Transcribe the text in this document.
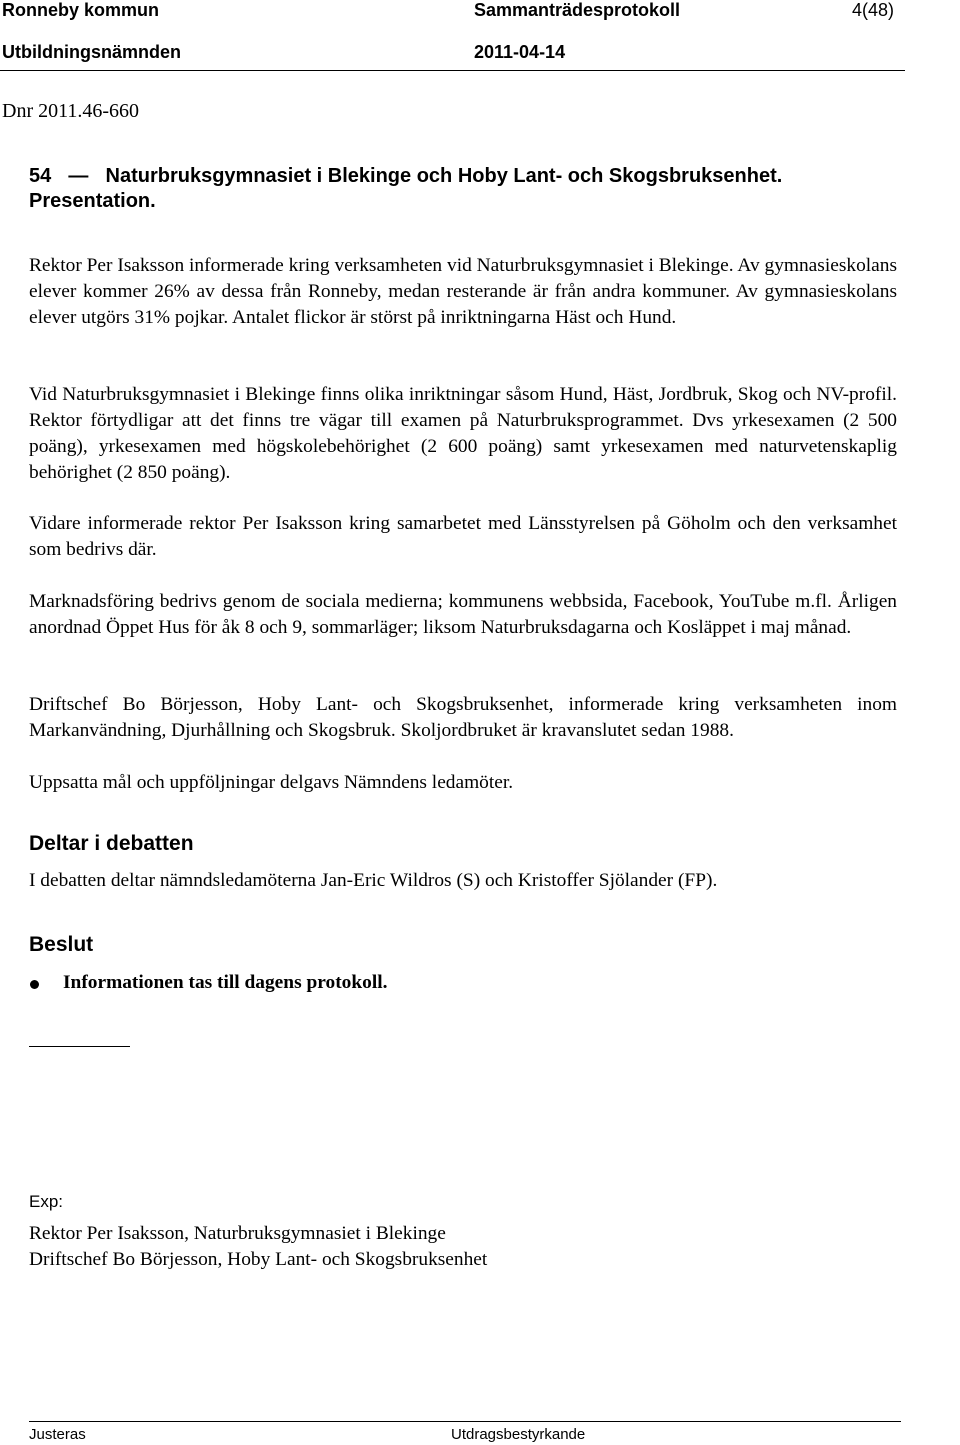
Ronneby kommun	Sammanträdesprotokoll	4(48)
Utbildningsnämnden	2011-04-14
Dnr 2011.46-660
54 — Naturbruksgymnasiet i Blekinge och Hoby Lant- och Skogsbruksenhet.
Presentation.
Rektor Per Isaksson informerade kring verksamheten vid Naturbruksgymnasiet i Blekinge. Av gymnasieskolans elever kommer 26% av dessa från Ronneby, medan resterande är från andra kommuner. Av gymnasieskolans elever utgörs 31% pojkar. Antalet flickor är störst på inriktningarna Häst och Hund.
Vid Naturbruksgymnasiet i Blekinge finns olika inriktningar såsom Hund, Häst, Jordbruk, Skog och NV-profil. Rektor förtydligar att det finns tre vägar till examen på Naturbruksprogrammet. Dvs yrkesexamen (2 500 poäng), yrkesexamen med högskolebehörighet (2 600 poäng) samt yrkesexamen med naturvetenskaplig behörighet (2 850 poäng).
Vidare informerade rektor Per Isaksson kring samarbetet med Länsstyrelsen på Göholm och den verksamhet som bedrivs där.
Marknadsföring bedrivs genom de sociala medierna; kommunens webbsida, Facebook, YouTube m.fl. Årligen anordnad Öppet Hus för åk 8 och 9, sommarläger; liksom Naturbruksdagarna och Kosläppet i maj månad.
Driftschef Bo Börjesson, Hoby Lant- och Skogsbruksenhet, informerade kring verksamheten inom Markanvändning, Djurhållning och Skogsbruk. Skoljordbruket är kravanslutet sedan 1988.
Uppsatta mål och uppföljningar delgavs Nämndens ledamöter.
Deltar i debatten
I debatten deltar nämndsledamöterna Jan-Eric Wildros (S) och Kristoffer Sjölander (FP).
Beslut
Informationen tas till dagens protokoll.
Exp:
Rektor Per Isaksson, Naturbruksgymnasiet i Blekinge
Driftschef Bo Börjesson, Hoby Lant- och Skogsbruksenhet
Justeras	Utdragsbestyrkande
